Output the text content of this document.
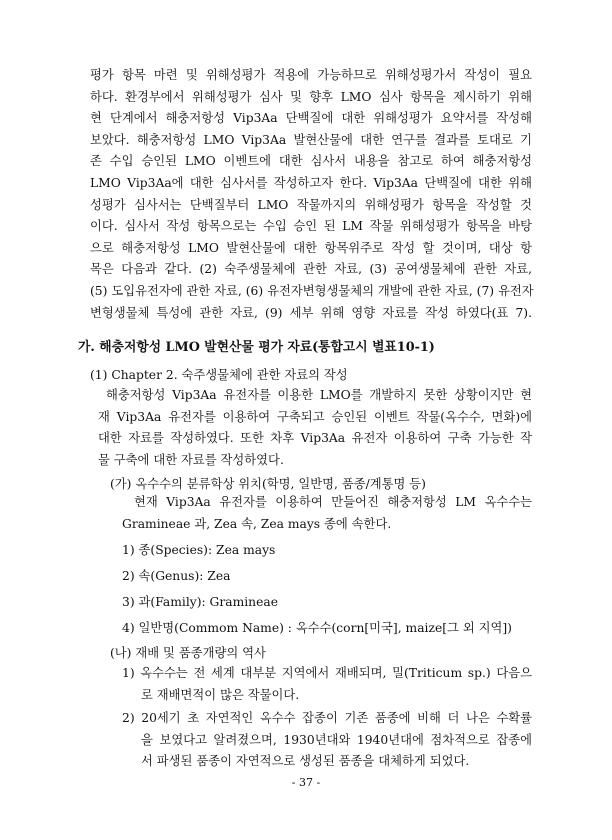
평가 항목 마련 및 위해성평가 적용에 가능하므로 위해성평가서 작성이 필요
하다. 환경부에서 위해성평가 심사 및 향후 LMO 심사 항목을 제시하기 위해
현 단계에서 해충저항성 Vip3Aa 단백질에 대한 위해성평가 요약서를 작성해
보았다. 해충저항성 LMO Vip3Aa 발현산물에 대한 연구를 결과를 토대로 기
존 수입 승인된 LMO 이벤트에 대한 심사서 내용을 참고로 하여 해충저항성
LMO Vip3Aa에 대한 심사서를 작성하고자 한다. Vip3Aa 단백질에 대한 위해
성평가 심사서는 단백질부터 LMO 작물까지의 위해성평가 항목을 작성할 것
이다. 심사서 작성 항목으로는 수입 승인 된 LM 작물 위해성평가 항목을 바탕
으로 해충저항성 LMO 발현산물에 대한 항목위주로 작성 할 것이며, 대상 항
목은 다음과 같다. (2) 숙주생물체에 관한 자료, (3) 공여생물체에 관한 자료,
(5) 도입유전자에 관한 자료, (6) 유전자변형생물체의 개발에 관한 자료, (7) 유전자
변형생물체 특성에 관한 자료, (9) 세부 위해 영향 자료를 작성 하였다(표 7).
가. 해충저항성 LMO 발현산물 평가 자료(통합고시 별표10-1)
(1) Chapter 2. 숙주생물체에 관한 자료의 작성
해충저항성 Vip3Aa 유전자를 이용한 LMO를 개발하지 못한 상황이지만 현
재 Vip3Aa 유전자를 이용하여 구축되고 승인된 이벤트 작물(옥수수, 면화)에
대한 자료를 작성하였다. 또한 차후 Vip3Aa 유전자 이용하여 구축 가능한 작
물 구축에 대한 자료를 작성하였다.
(가) 옥수수의 분류학상 위치(학명, 일반명, 품종/계통명 등)
현재 Vip3Aa 유전자를 이용하여 만들어진 해충저항성 LM 옥수수는
Gramineae 과, Zea 속, Zea mays 종에 속한다.
1) 종(Species): Zea mays
2) 속(Genus): Zea
3) 과(Family): Gramineae
4) 일반명(Commom Name) : 옥수수(corn[미국], maize[그 외 지역])
(나) 재배 및 품종개량의 역사
1) 옥수수는 전 세계 대부분 지역에서 재배되며, 밀(Triticum sp.) 다음으
로 재배면적이 많은 작물이다.
2) 20세기 초 자연적인 옥수수 잡종이 기존 품종에 비해 더 나은 수확률
을 보였다고 알려졌으며, 1930년대와 1940년대에 점차적으로 잡종에
서 파생된 품종이 자연적으로 생성된 품종을 대체하게 되었다.
- 37 -
